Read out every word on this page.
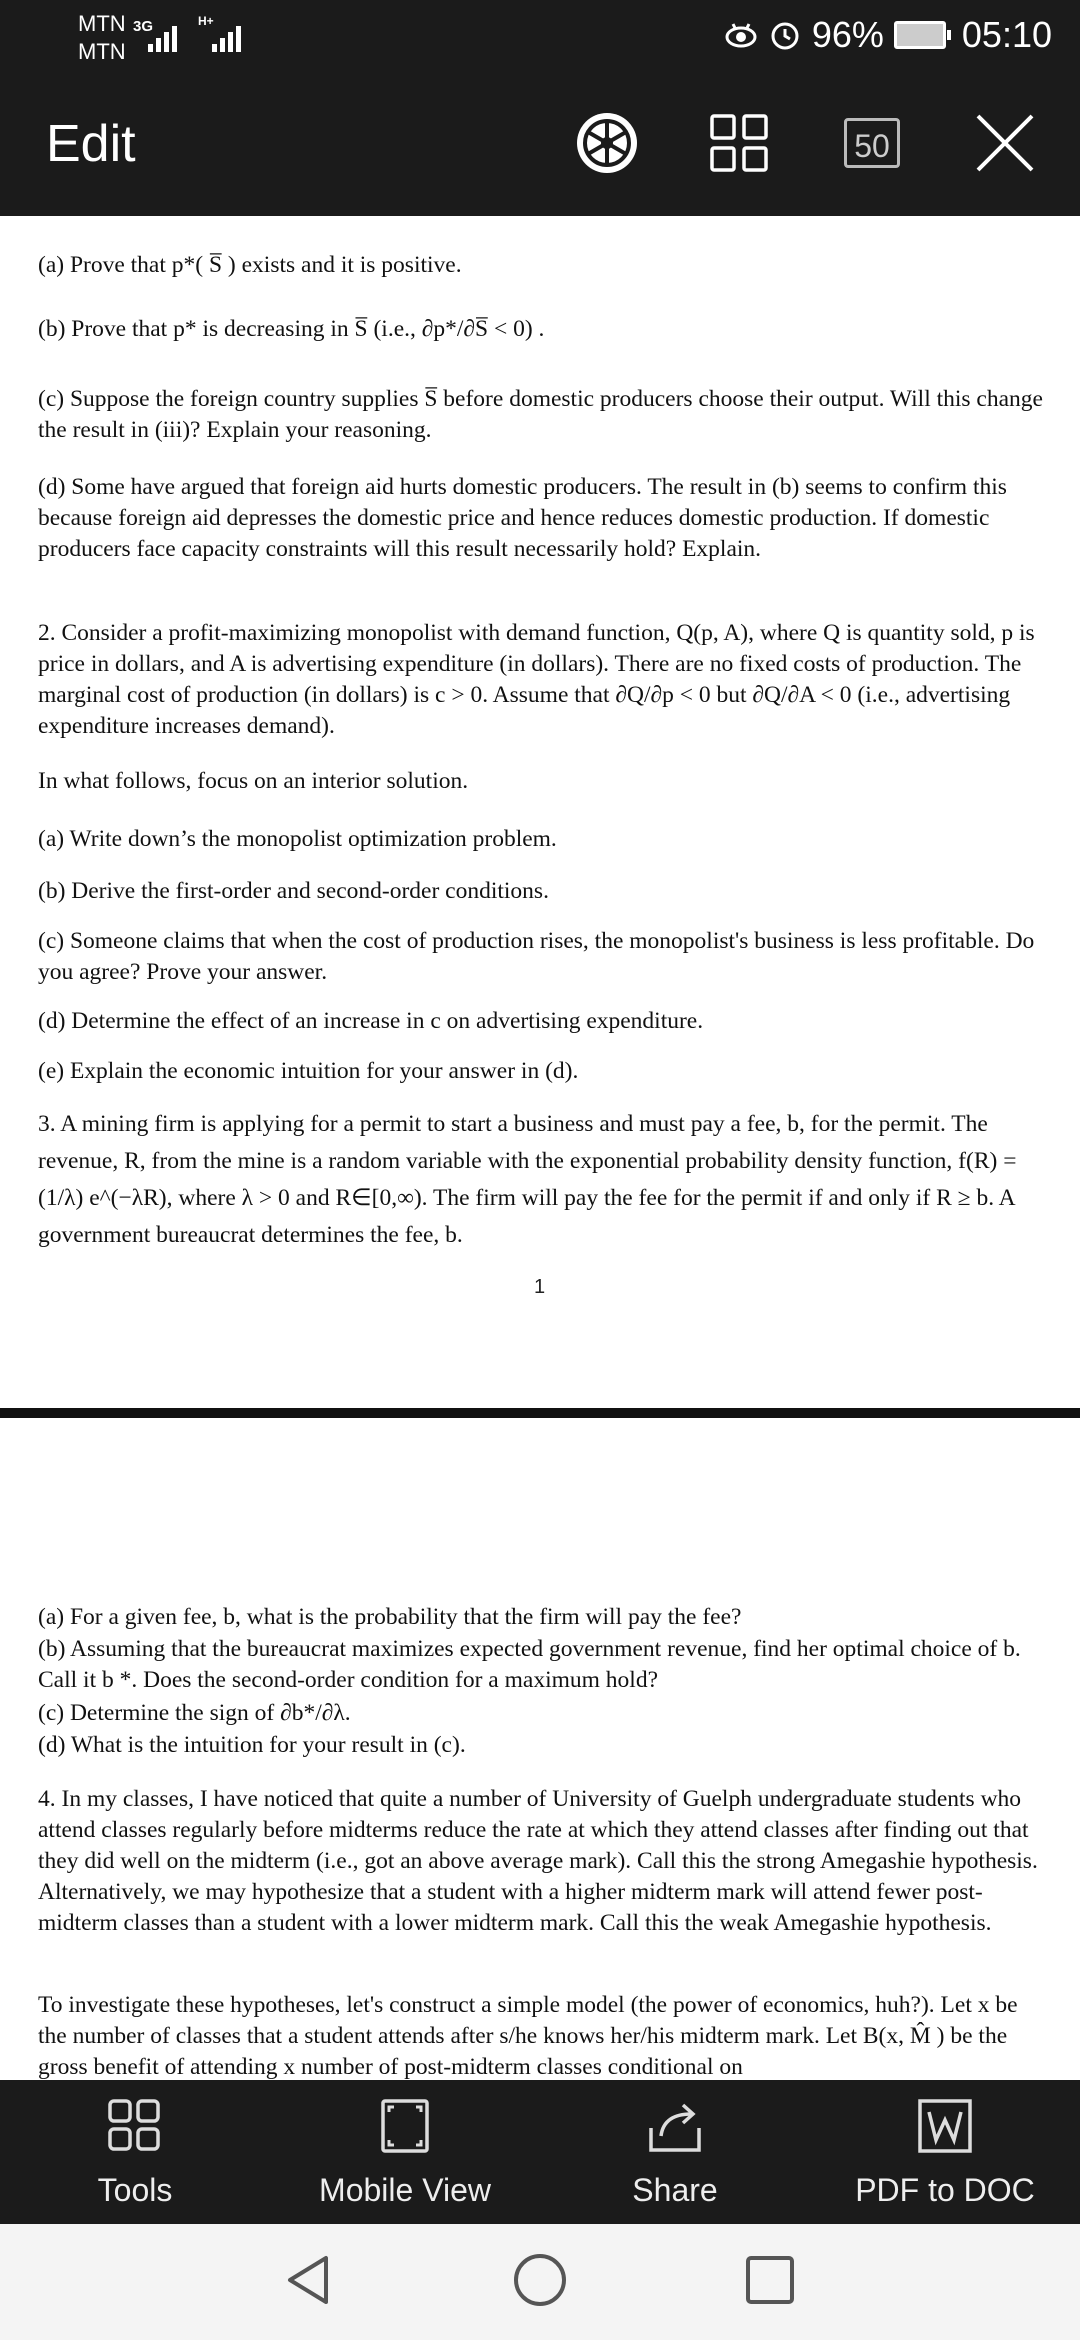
MTN
MTN
3G	H+	96% 05:10
Edit	50

(a) Prove that p*( S̅ ) exists and it is positive.

(b) Prove that p* is decreasing in S̅ (i.e., ∂p*/∂S̅ < 0) .

(c) Suppose the foreign country supplies S̅ before domestic producers choose their output. Will this change the result in (iii)? Explain your reasoning.

(d) Some have argued that foreign aid hurts domestic producers. The result in (b) seems to confirm this because foreign aid depresses the domestic price and hence reduces domestic production. If domestic producers face capacity constraints will this result necessarily hold? Explain.

2. Consider a profit-maximizing monopolist with demand function, Q(p, A), where Q is quantity sold, p is price in dollars, and A is advertising expenditure (in dollars). There are no fixed costs of production. The marginal cost of production (in dollars) is c > 0. Assume that ∂Q/∂p < 0 but ∂Q/∂A < 0 (i.e., advertising expenditure increases demand).

In what follows, focus on an interior solution.

(a) Write down’s the monopolist optimization problem.

(b) Derive the first-order and second-order conditions.

(c) Someone claims that when the cost of production rises, the monopolist's business is less profitable. Do you agree? Prove your answer.

(d) Determine the effect of an increase in c on advertising expenditure.

(e) Explain the economic intuition for your answer in (d).

3. A mining firm is applying for a permit to start a business and must pay a fee, b, for the permit. The revenue, R, from the mine is a random variable with the exponential probability density function, f(R) = (1/λ) e^(−λR), where λ > 0 and R∈[0,∞). The firm will pay the fee for the permit if and only if R ≥ b. A government bureaucrat determines the fee, b.

1

(a) For a given fee, b, what is the probability that the firm will pay the fee?

(b) Assuming that the bureaucrat maximizes expected government revenue, find her optimal choice of b. Call it b *. Does the second-order condition for a maximum hold?

(c) Determine the sign of ∂b*/∂λ.

(d) What is the intuition for your result in (c).

4. In my classes, I have noticed that quite a number of University of Guelph undergraduate students who attend classes regularly before midterms reduce the rate at which they attend classes after finding out that they did well on the midterm (i.e., got an above average mark). Call this the strong Amegashie hypothesis. Alternatively, we may hypothesize that a student with a higher midterm mark will attend fewer post-midterm classes than a student with a lower midterm mark. Call this the weak Amegashie hypothesis.

To investigate these hypotheses, let's construct a simple model (the power of economics, huh?). Let x be the number of classes that a student attends after s/he knows her/his midterm mark. Let B(x, M̂ ) be the gross benefit of attending x number of post-midterm classes conditional on

Tools	Mobile View	Share	PDF to DOC
